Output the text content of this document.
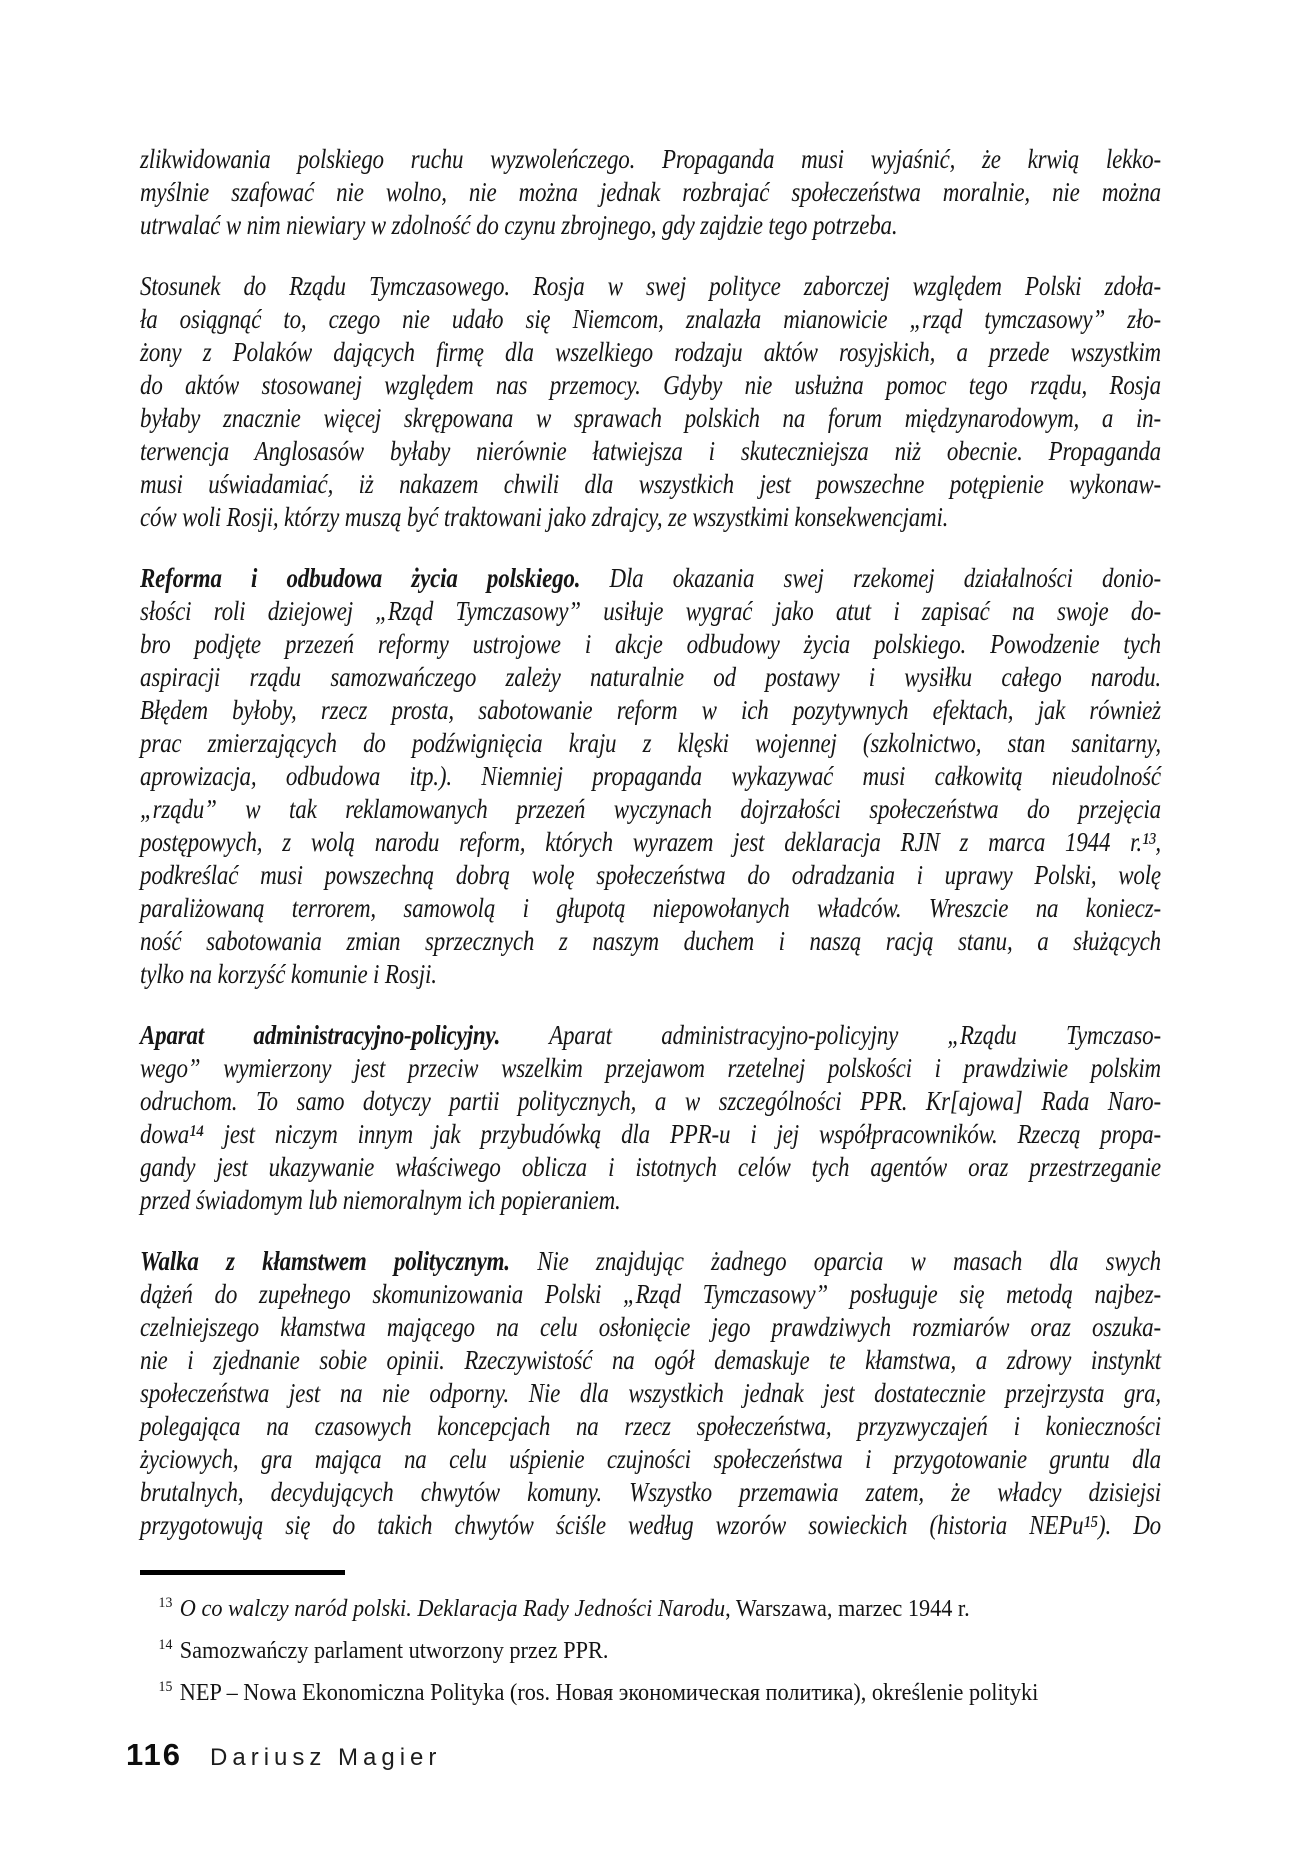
zlikwidowania polskiego ruchu wyzwoleńczego. Propaganda musi wyjaśnić, że krwią lekko-
myślnie szafować nie wolno, nie można jednak rozbrajać społeczeństwa moralnie, nie można
utrwalać w nim niewiary w zdolność do czynu zbrojnego, gdy zajdzie tego potrzeba.
Stosunek do Rządu Tymczasowego. Rosja w swej polityce zaborczej względem Polski zdoła-
ła osiągnąć to, czego nie udało się Niemcom, znalazła mianowicie „rząd tymczasowy” zło-
żony z Polaków dających firmę dla wszelkiego rodzaju aktów rosyjskich, a przede wszystkim
do aktów stosowanej względem nas przemocy. Gdyby nie usłużna pomoc tego rządu, Rosja
byłaby znacznie więcej skrępowana w sprawach polskich na forum międzynarodowym, a in-
terwencja Anglosasów byłaby nierównie łatwiejsza i skuteczniejsza niż obecnie. Propaganda
musi uświadamiać, iż nakazem chwili dla wszystkich jest powszechne potępienie wykonaw-
ców woli Rosji, którzy muszą być traktowani jako zdrajcy, ze wszystkimi konsekwencjami.
Reforma i odbudowa życia polskiego. Dla okazania swej rzekomej działalności donio-
słości roli dziejowej „Rząd Tymczasowy” usiłuje wygrać jako atut i zapisać na swoje do-
bro podjęte przezeń reformy ustrojowe i akcje odbudowy życia polskiego. Powodzenie tych
aspiracji rządu samozwańczego zależy naturalnie od postawy i wysiłku całego narodu.
Błędem byłoby, rzecz prosta, sabotowanie reform w ich pozytywnych efektach, jak również
prac zmierzających do podźwignięcia kraju z klęski wojennej (szkolnictwo, stan sanitarny,
aprowizacja, odbudowa itp.). Niemniej propaganda wykazywać musi całkowitą nieudolność
„rządu” w tak reklamowanych przezeń wyczynach dojrzałości społeczeństwa do przejęcia
postępowych, z wolą narodu reform, których wyrazem jest deklaracja RJN z marca 1944 r.¹³,
podkreślać musi powszechną dobrą wolę społeczeństwa do odradzania i uprawy Polski, wolę
paraliżowaną terrorem, samowolą i głupotą niepowołanych władców. Wreszcie na koniecz-
ność sabotowania zmian sprzecznych z naszym duchem i naszą racją stanu, a służących
tylko na korzyść komunie i Rosji.
Aparat administracyjno-policyjny. Aparat administracyjno-policyjny „Rządu Tymczaso-
wego” wymierzony jest przeciw wszelkim przejawom rzetelnej polskości i prawdziwie polskim
odruchom. To samo dotyczy partii politycznych, a w szczególności PPR. Kr[ajowa] Rada Naro-
dowa¹⁴ jest niczym innym jak przybudówką dla PPR-u i jej współpracowników. Rzeczą propa-
gandy jest ukazywanie właściwego oblicza i istotnych celów tych agentów oraz przestrzeganie
przed świadomym lub niemoralnym ich popieraniem.
Walka z kłamstwem politycznym. Nie znajdując żadnego oparcia w masach dla swych
dążeń do zupełnego skomunizowania Polski „Rząd Tymczasowy” posługuje się metodą najbez-
czelniejszego kłamstwa mającego na celu osłonięcie jego prawdziwych rozmiarów oraz oszuka-
nie i zjednanie sobie opinii. Rzeczywistość na ogół demaskuje te kłamstwa, a zdrowy instynkt
społeczeństwa jest na nie odporny. Nie dla wszystkich jednak jest dostatecznie przejrzysta gra,
polegająca na czasowych koncepcjach na rzecz społeczeństwa, przyzwyczajeń i konieczności
życiowych, gra mająca na celu uśpienie czujności społeczeństwa i przygotowanie gruntu dla
brutalnych, decydujących chwytów komuny. Wszystko przemawia zatem, że władcy dzisiejsi
przygotowują się do takich chwytów ściśle według wzorów sowieckich (historia NEPu¹⁵). Do
$^{13}$ O co walczy naród polski. Deklaracja Rady Jedności Narodu, Warszawa, marzec 1944 r.
$^{14}$ Samozwańczy parlament utworzony przez PPR.
$^{15}$ NEP – Nowa Ekonomiczna Polityka (ros. Новая экономическая политика), określenie polityki
116 Dariusz Magier
